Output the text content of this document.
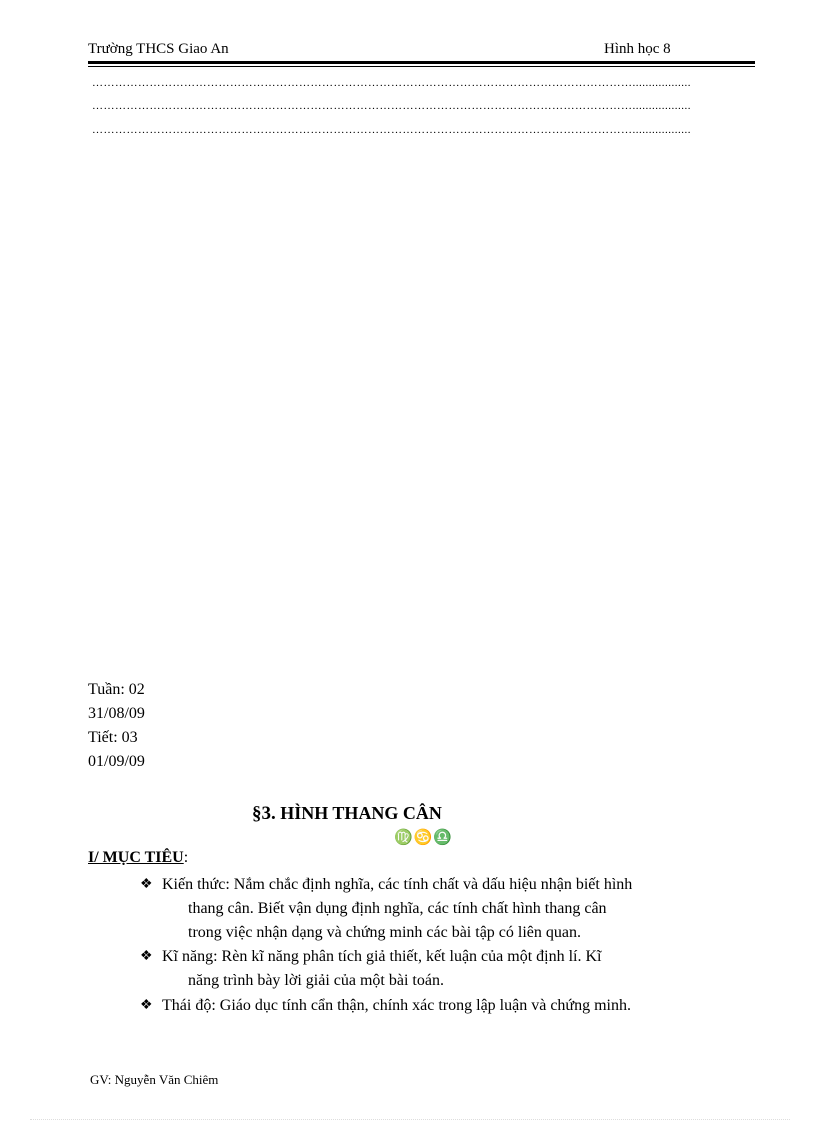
Trường THCS Giao An	Hình học 8
……………………………………………………………………………………………………………………………..................
……………………………………………………………………………………………………………………………..................
……………………………………………………………………………………………………………………………..................
Tuần: 02
31/08/09
Tiết: 03
01/09/09
§3. HÌNH THANG CÂN
♍♋♎
I/ MỤC TIÊU:
❖ Kiến thức: Nắm chắc định nghĩa, các tính chất và dấu hiệu nhận biết hình
thang cân. Biết vận dụng định nghĩa, các tính chất hình thang cân
trong việc nhận dạng và chứng minh các bài tập có liên quan.
❖ Kĩ năng: Rèn kĩ năng phân tích giả thiết, kết luận của một định lí. Kĩ
năng trình bày lời giải của một bài toán.
❖ Thái độ: Giáo dục tính cẩn thận, chính xác trong lập luận và chứng minh.
GV: Nguyễn Văn Chiêm
